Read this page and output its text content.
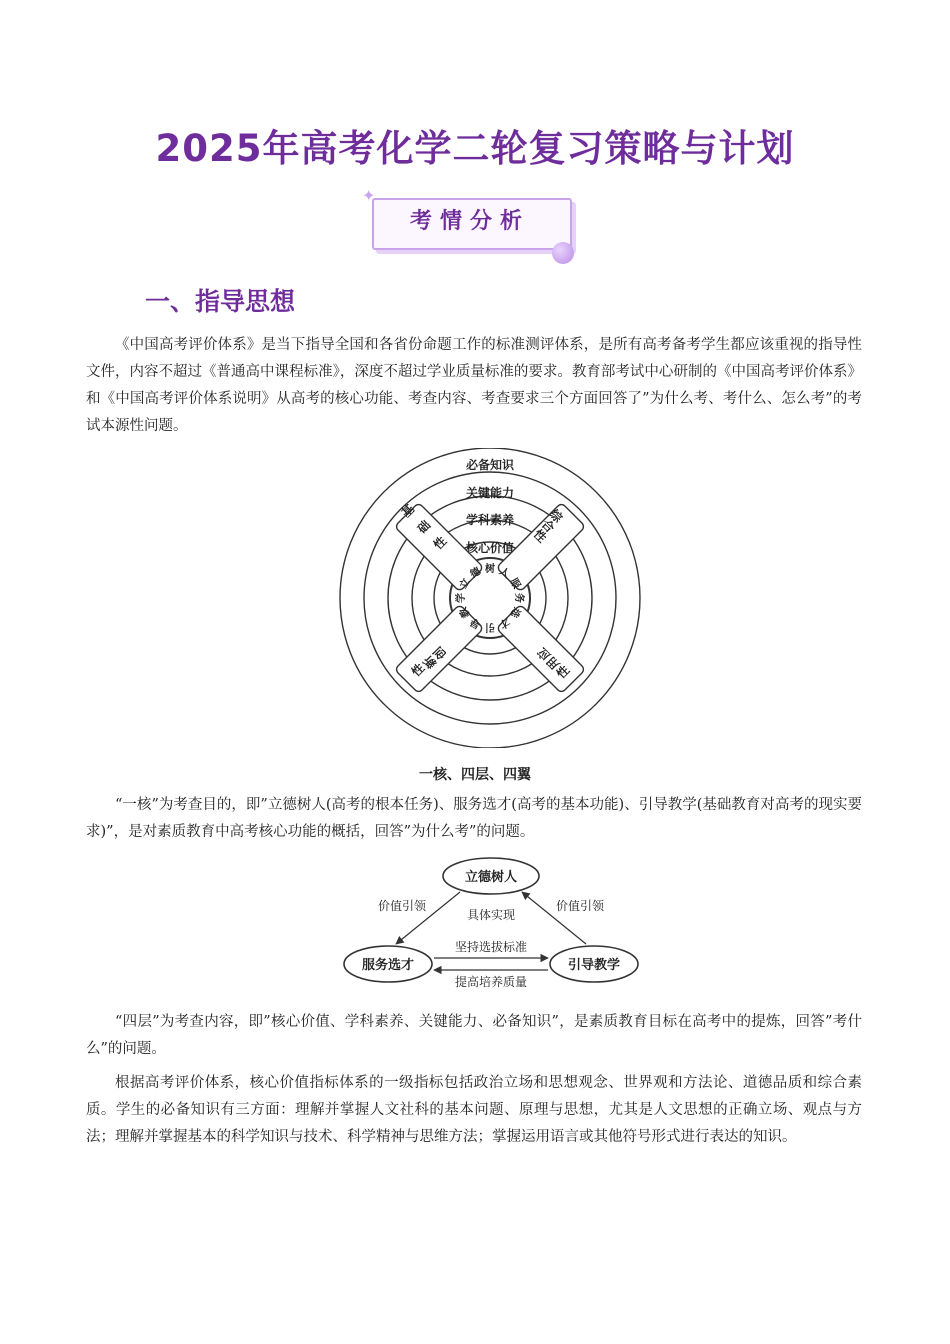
2025年高考化学二轮复习策略与计划
✦
考情分析
一、指导思想

《中国高考评价体系》是当下指导全国和各省份命题工作的标准测评体系，是所有高考备考学生都应该重视的指导性文件，内容不超过《普通高中课程标准》，深度不超过学业质量标准的要求。教育部考试中心研制的《中国高考评价体系》和《中国高考评价体系说明》从高考的核心功能、考查内容、考查要求三个方面回答了”为什么考、考什么、怎么考”的考试本源性问题。

必备知识
关键能力
学科素养
核心价值
基
础
性
综
合
性
创
新
性
应
用
性
立
德 树 人
服
务
选
才
引
导
教
学
一核、四层、四翼

“一核”为考查目的，即”立德树人(高考的根本任务)、服务选才(高考的基本功能)、引导教学(基础教育对高考的现实要求)”，是对素质教育中高考核心功能的概括，回答”为什么考”的问题。

立德树人
服务选才	引导教学
价值引领	价值引领
具体实现
坚持选拔标准
提高培养质量

“四层”为考查内容，即”核心价值、学科素养、关键能力、必备知识”，是素质教育目标在高考中的提炼，回答”考什么”的问题。

根据高考评价体系，核心价值指标体系的一级指标包括政治立场和思想观念、世界观和方法论、道德品质和综合素质。学生的必备知识有三方面：理解并掌握人文社科的基本问题、原理与思想，尤其是人文思想的正确立场、观点与方法；理解并掌握基本的科学知识与技术、科学精神与思维方法；掌握运用语言或其他符号形式进行表达的知识。
